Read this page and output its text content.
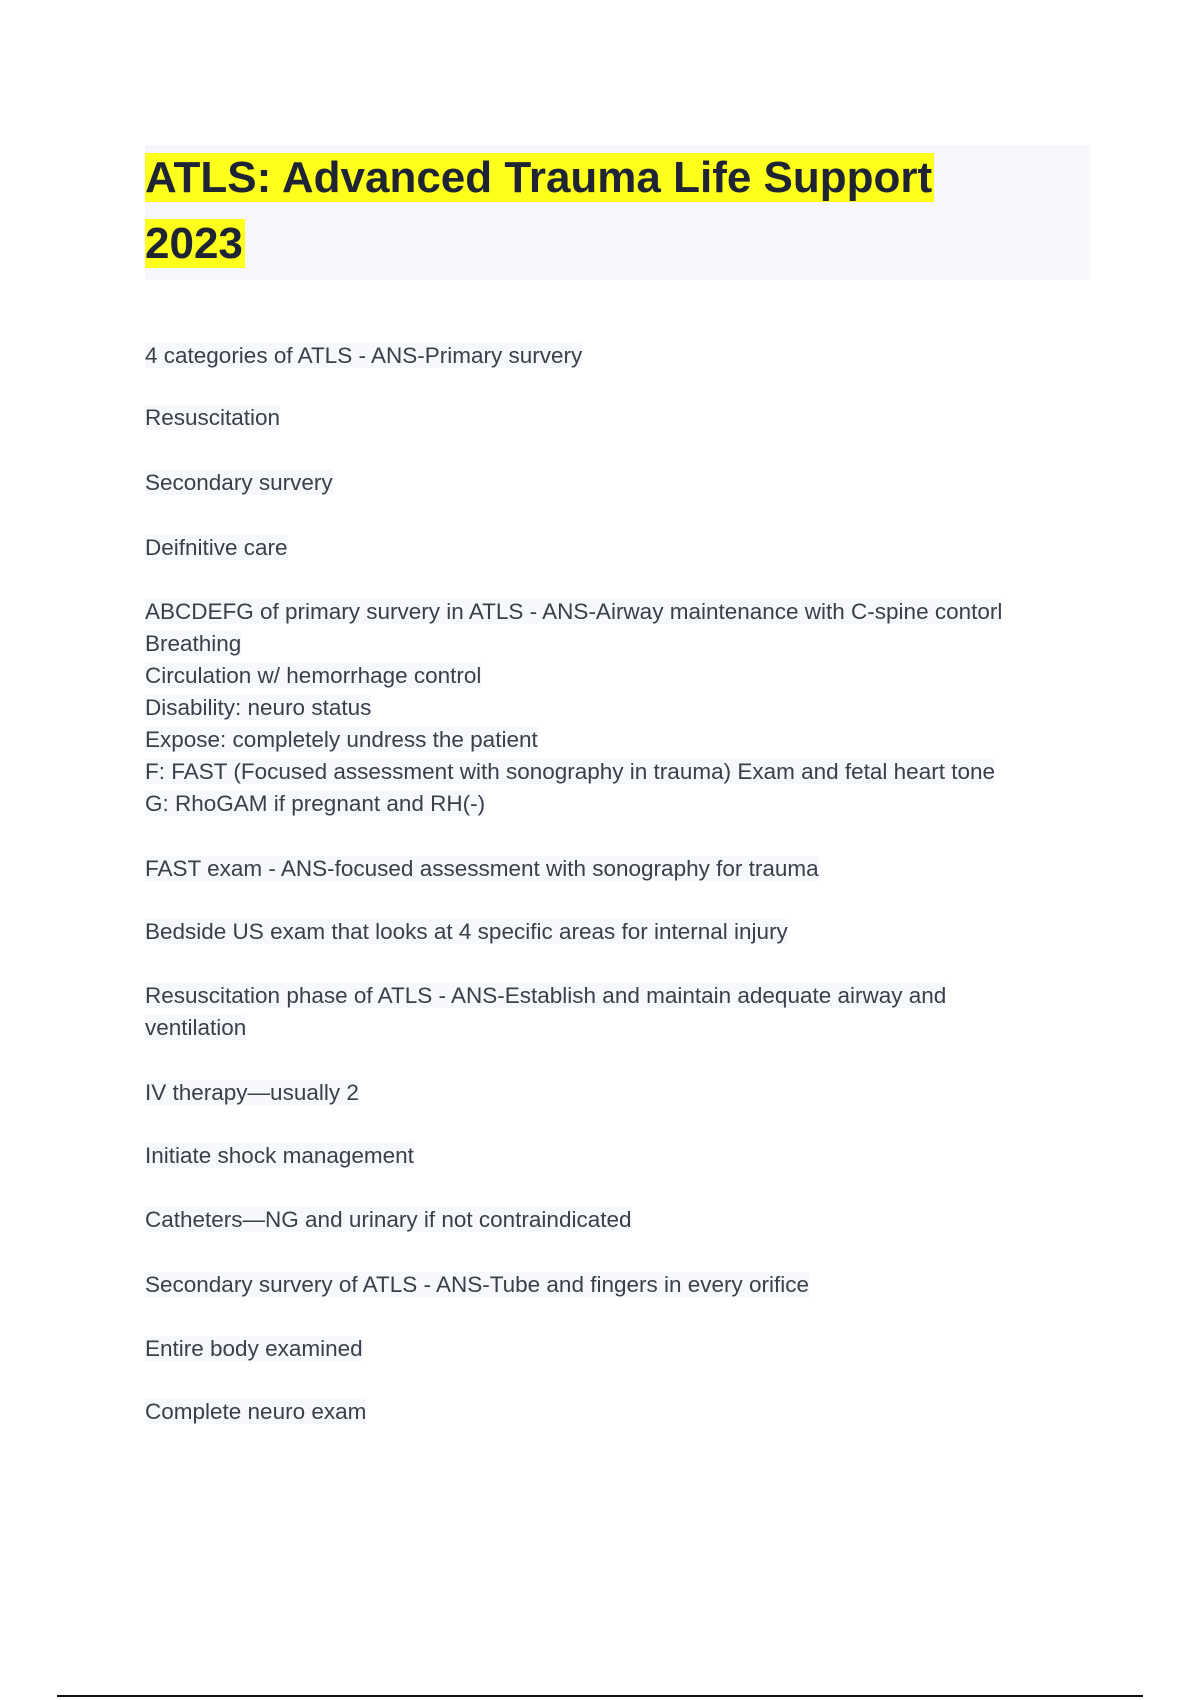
ATLS: Advanced Trauma Life Support
2023

4 categories of ATLS - ANS-Primary survery

Resuscitation

Secondary survery

Deifnitive care

ABCDEFG of primary survery in ATLS - ANS-Airway maintenance with C-spine contorl
Breathing
Circulation w/ hemorrhage control
Disability: neuro status
Expose: completely undress the patient
F: FAST (Focused assessment with sonography in trauma) Exam and fetal heart tone
G: RhoGAM if pregnant and RH(-)

FAST exam - ANS-focused assessment with sonography for trauma

Bedside US exam that looks at 4 specific areas for internal injury

Resuscitation phase of ATLS - ANS-Establish and maintain adequate airway and
ventilation

IV therapy—usually 2

Initiate shock management

Catheters—NG and urinary if not contraindicated

Secondary survery of ATLS - ANS-Tube and fingers in every orifice

Entire body examined

Complete neuro exam
